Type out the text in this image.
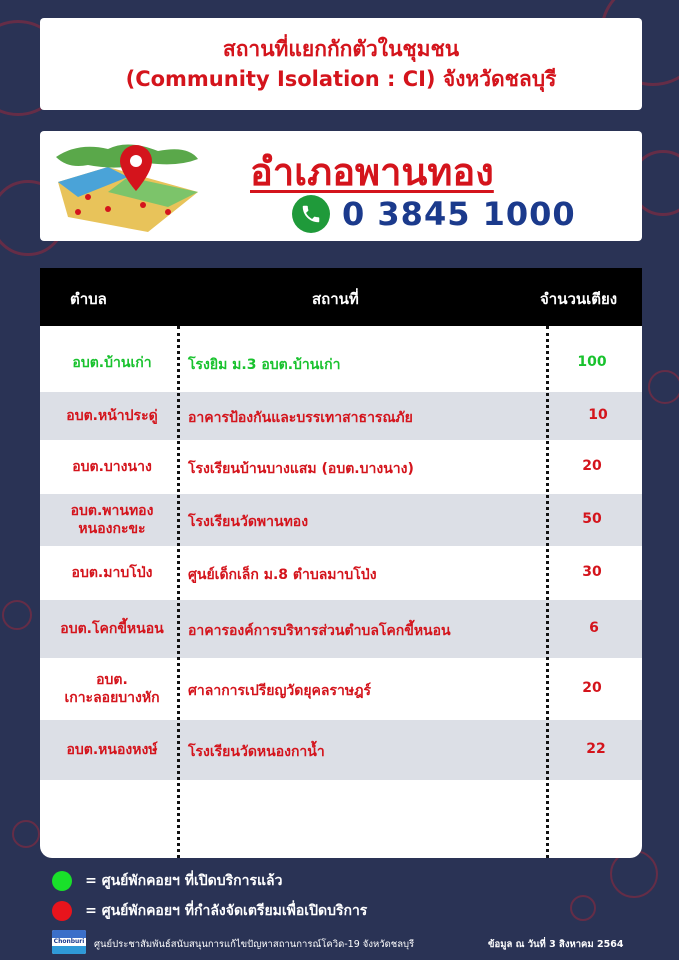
สถานที่แยกกักตัวในชุมชน
(Community Isolation : CI) จังหวัดชลบุรี
อำเภอพานทอง
0 3845 1000
ตำบล	สถานที่	จำนวนเตียง
อบต.บ้านเก่า	โรงยิม ม.3 อบต.บ้านเก่า	100
อบต.หน้าประดู่	อาคารป้องกันและบรรเทาสาธารณภัย	10
อบต.บางนาง	โรงเรียนบ้านบางแสม (อบต.บางนาง)	20
อบต.พานทอง
หนองกะขะ	โรงเรียนวัดพานทอง	50
อบต.มาบโป่ง	ศูนย์เด็กเล็ก ม.8 ตำบลมาบโป่ง	30
อบต.โคกขี้หนอน	อาคารองค์การบริหารส่วนตำบลโคกขี้หนอน	6
อบต.
เกาะลอยบางหัก	ศาลาการเปรียญวัดยุคลราษฎร์	20
อบต.หนองหงษ์	โรงเรียนวัดหนองกาน้ำ	22
= ศูนย์พักคอยฯ ที่เปิดบริการแล้ว
= ศูนย์พักคอยฯ ที่กำลังจัดเตรียมเพื่อเปิดบริการ
Chonburi ศูนย์ประชาสัมพันธ์สนับสนุนการแก้ไขปัญหาสถานการณ์โควิด-19 จังหวัดชลบุรี	ข้อมูล ณ วันที่ 3 สิงหาคม 2564
